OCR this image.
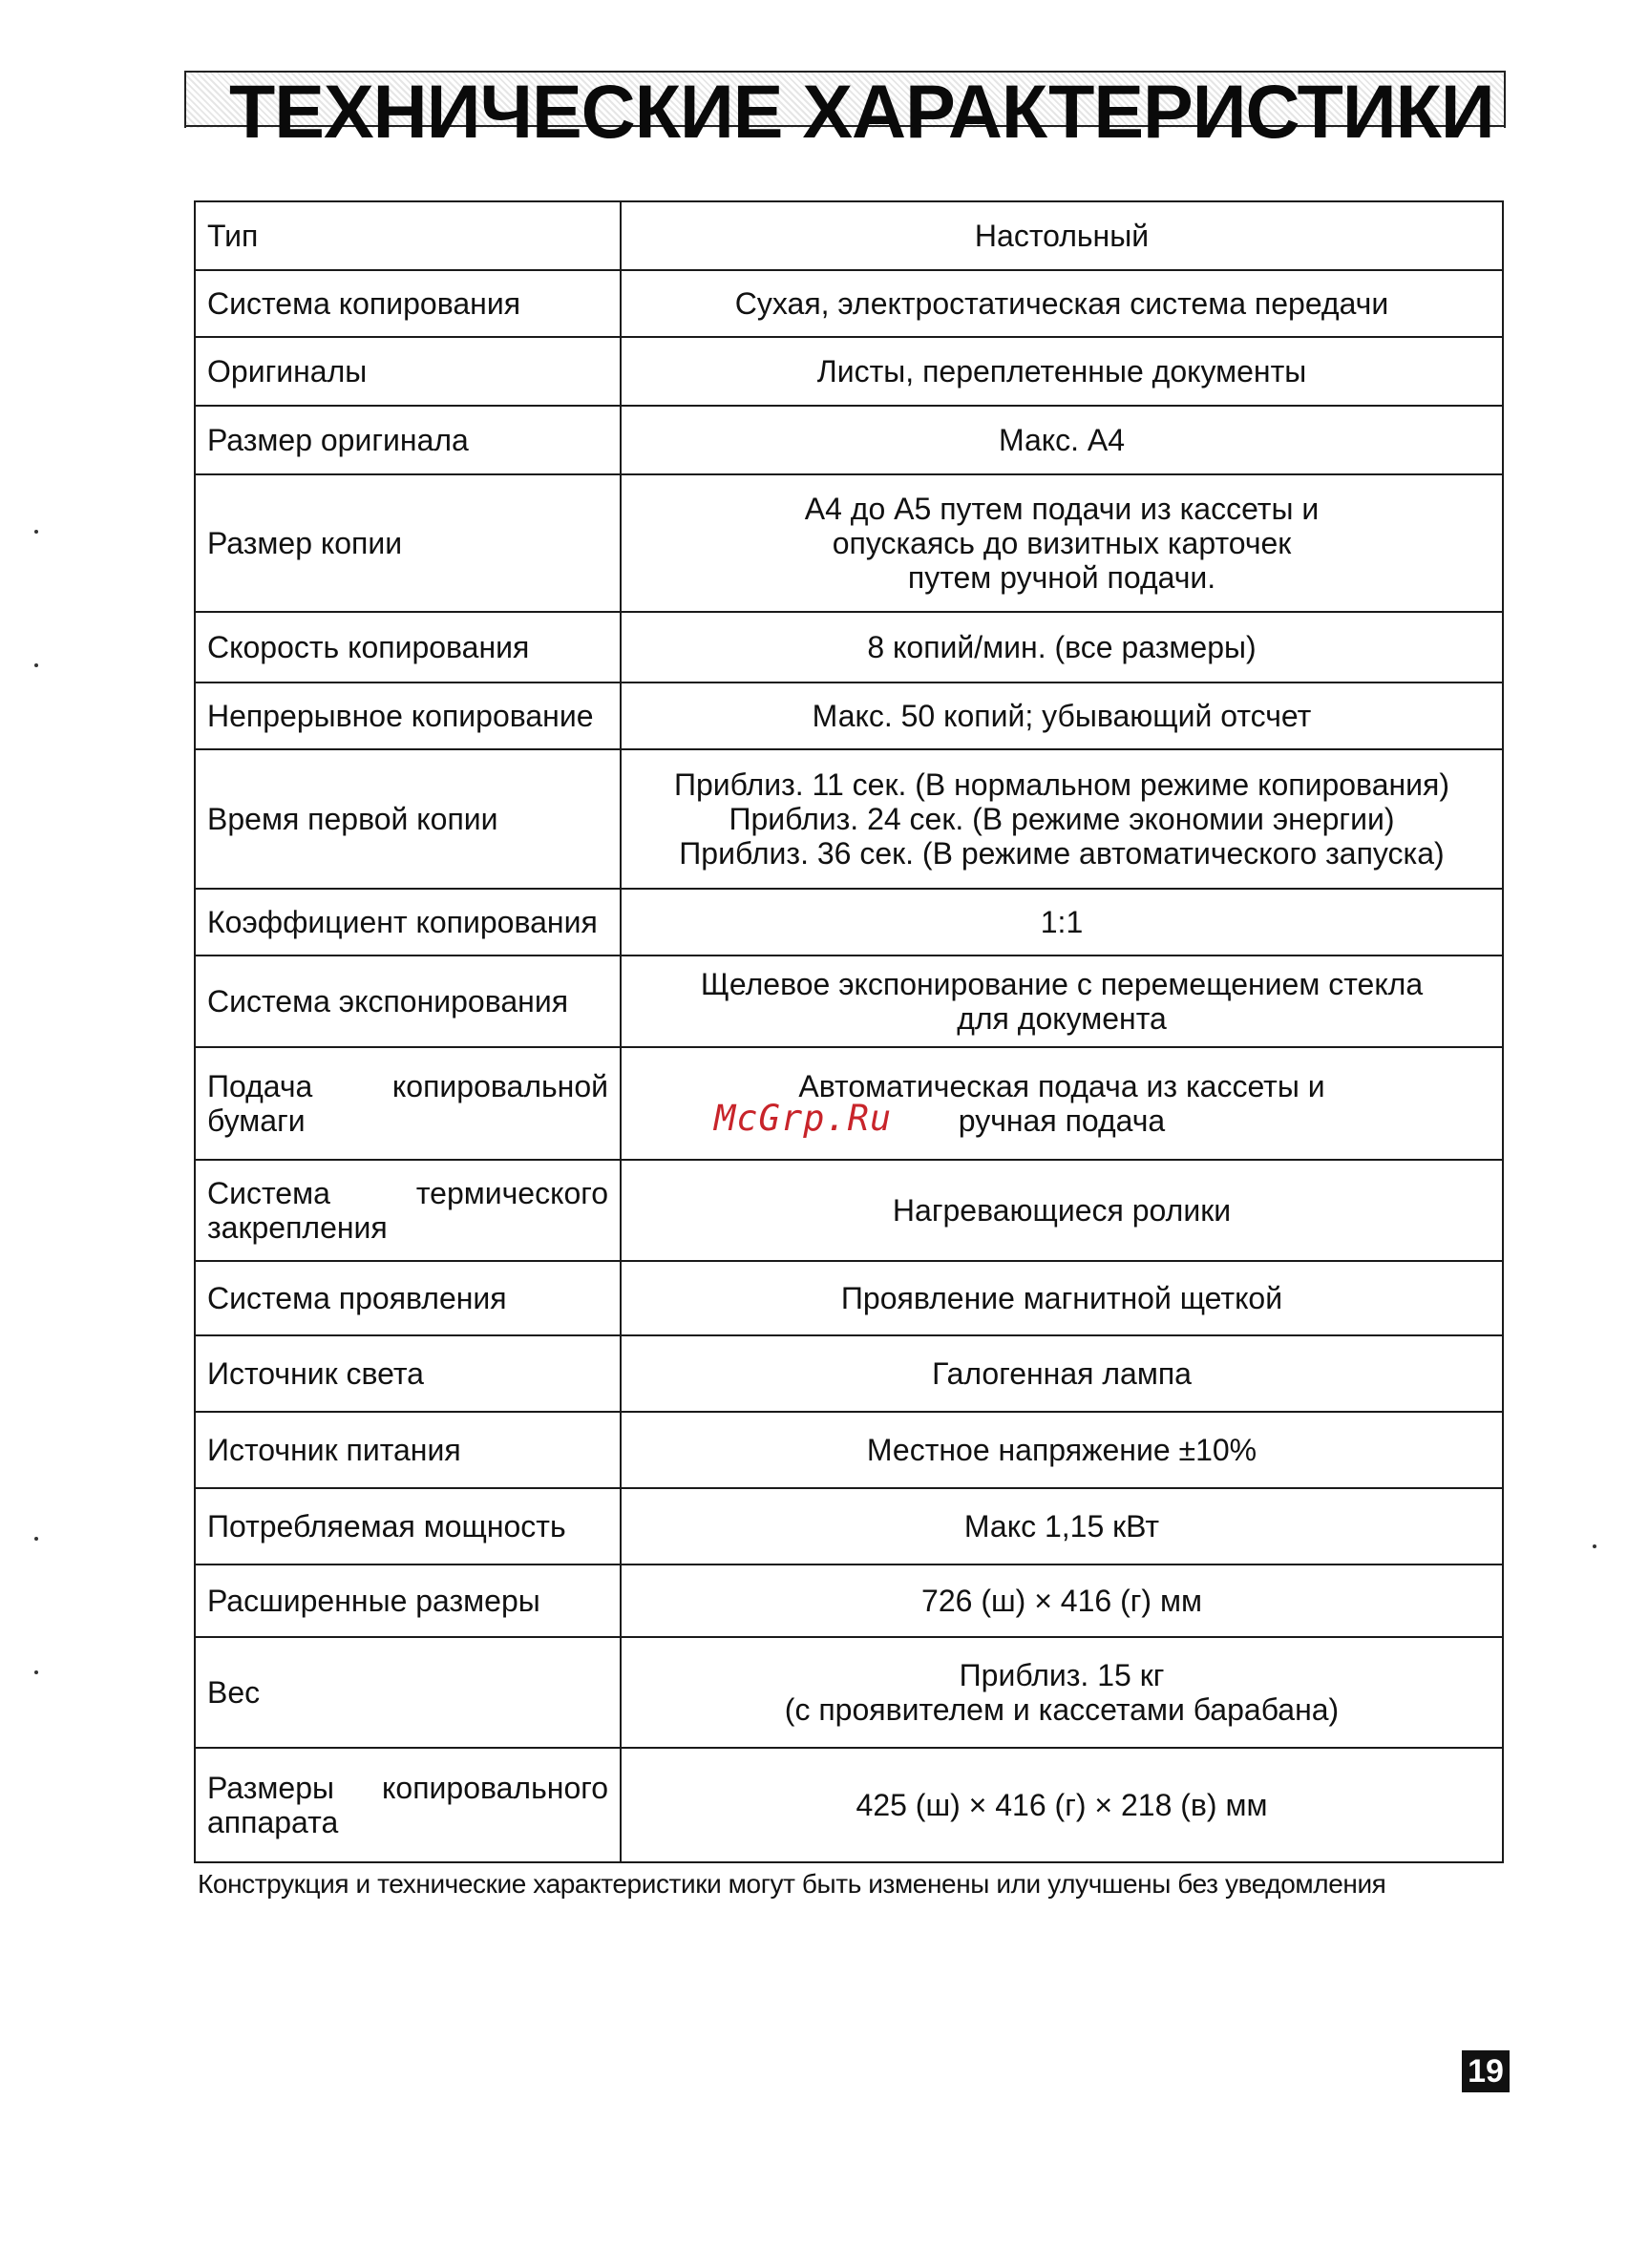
ТЕХНИЧЕСКИЕ ХАРАКТЕРИСТИКИ
Тип	Настольный

Система копирования	Сухая, электростатическая система передачи

Оригиналы	Листы, переплетенные документы

Размер оригинала	Макс. А4

Размер копии	А4 до А5 путем подачи из кассеты и
опускаясь до визитных карточек
путем ручной подачи.

Скорость копирования	8 копий/мин. (все размеры)

Непрерывное копирование	Макс. 50 копий; убывающий отсчет

Время первой копии	Приблиз. 11 сек. (В нормальном режиме копирования)
Приблиз. 24 сек. (В режиме экономии энергии)
Приблиз. 36 сек. (В режиме автоматического запуска)

Коэффициент копирования	1:1

Система экспонирования	Щелевое экспонирование с перемещением стекла
для документа

Подача копировальной
бумаги	Автоматическая подача из кассеты и
ручная подача

Система термического
закрепления	Нагревающиеся ролики

Система проявления	Проявление магнитной щеткой

Источник света	Галогенная лампа

Источник питания	Местное напряжение ±10%

Потребляемая мощность	Макс 1,15 кВт

Расширенные размеры	726 (ш) × 416 (г) мм

Вес	Приблиз. 15 кг
(с проявителем и кассетами барабана)

Размеры копировального
аппарата	425 (ш) × 416 (г) × 218 (в) мм
McGrp.Ru
Конструкция и технические характеристики могут быть изменены или улучшены без уведомления
19
